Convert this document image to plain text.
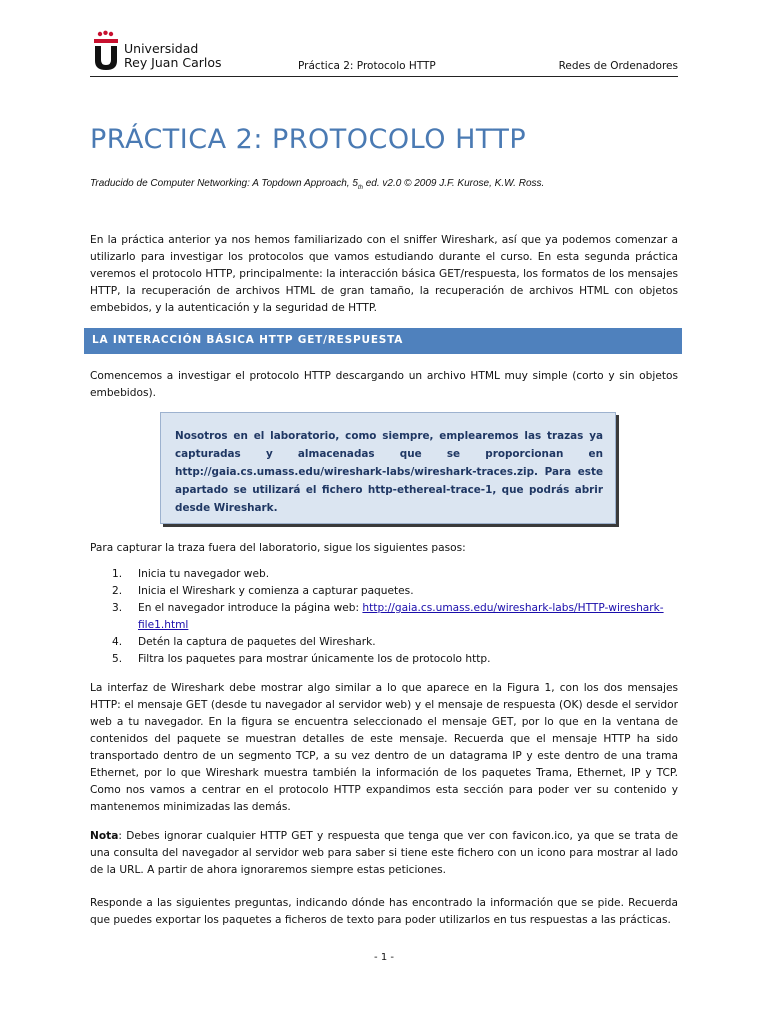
Universidad
Rey Juan Carlos	Práctica 2: Protocolo HTTP	Redes de Ordenadores
PRÁCTICA 2: PROTOCOLO HTTP
Traducido de Computer Networking: A Topdown Approach, $5_{th}$ ed. v2.0 © 2009 J.F. Kurose, K.W. Ross.

En la práctica anterior ya nos hemos familiarizado con el sniffer Wireshark, así que ya podemos comenzar a utilizarlo para investigar los protocolos que vamos estudiando durante el curso. En esta segunda práctica veremos el protocolo HTTP, principalmente: la interacción básica GET/respuesta, los formatos de los mensajes HTTP, la recuperación de archivos HTML de gran tamaño, la recuperación de archivos HTML con objetos embebidos, y la autenticación y la seguridad de HTTP.

LA INTERACCIÓN BÁSICA HTTP GET/RESPUESTA

Comencemos a investigar el protocolo HTTP descargando un archivo HTML muy simple (corto y sin objetos embebidos).

Nosotros en el laboratorio, como siempre, emplearemos las trazas ya capturadas y almacenadas que se proporcionan en http://gaia.cs.umass.edu/wireshark-labs/wireshark-traces.zip. Para este apartado se utilizará el fichero http-ethereal-trace-1, que podrás abrir desde Wireshark.

Para capturar la traza fuera del laboratorio, sigue los siguientes pasos:

1. Inicia tu navegador web.
2. Inicia el Wireshark y comienza a capturar paquetes.
3. En el navegador introduce la página web: http://gaia.cs.umass.edu/wireshark-labs/HTTP-wireshark-file1.html
4. Detén la captura de paquetes del Wireshark.
5. Filtra los paquetes para mostrar únicamente los de protocolo http.

La interfaz de Wireshark debe mostrar algo similar a lo que aparece en la Figura 1, con los dos mensajes HTTP: el mensaje GET (desde tu navegador al servidor web) y el mensaje de respuesta (OK) desde el servidor web a tu navegador. En la figura se encuentra seleccionado el mensaje GET, por lo que en la ventana de contenidos del paquete se muestran detalles de este mensaje. Recuerda que el mensaje HTTP ha sido transportado dentro de un segmento TCP, a su vez dentro de un datagrama IP y este dentro de una trama Ethernet, por lo que Wireshark muestra también la información de los paquetes Trama, Ethernet, IP y TCP. Como nos vamos a centrar en el protocolo HTTP expandimos esta sección para poder ver su contenido y mantenemos minimizadas las demás.

Nota: Debes ignorar cualquier HTTP GET y respuesta que tenga que ver con favicon.ico, ya que se trata de una consulta del navegador al servidor web para saber si tiene este fichero con un icono para mostrar al lado de la URL. A partir de ahora ignoraremos siempre estas peticiones.

Responde a las siguientes preguntas, indicando dónde has encontrado la información que se pide. Recuerda que puedes exportar los paquetes a ficheros de texto para poder utilizarlos en tus respuestas a las prácticas.

- 1 -
